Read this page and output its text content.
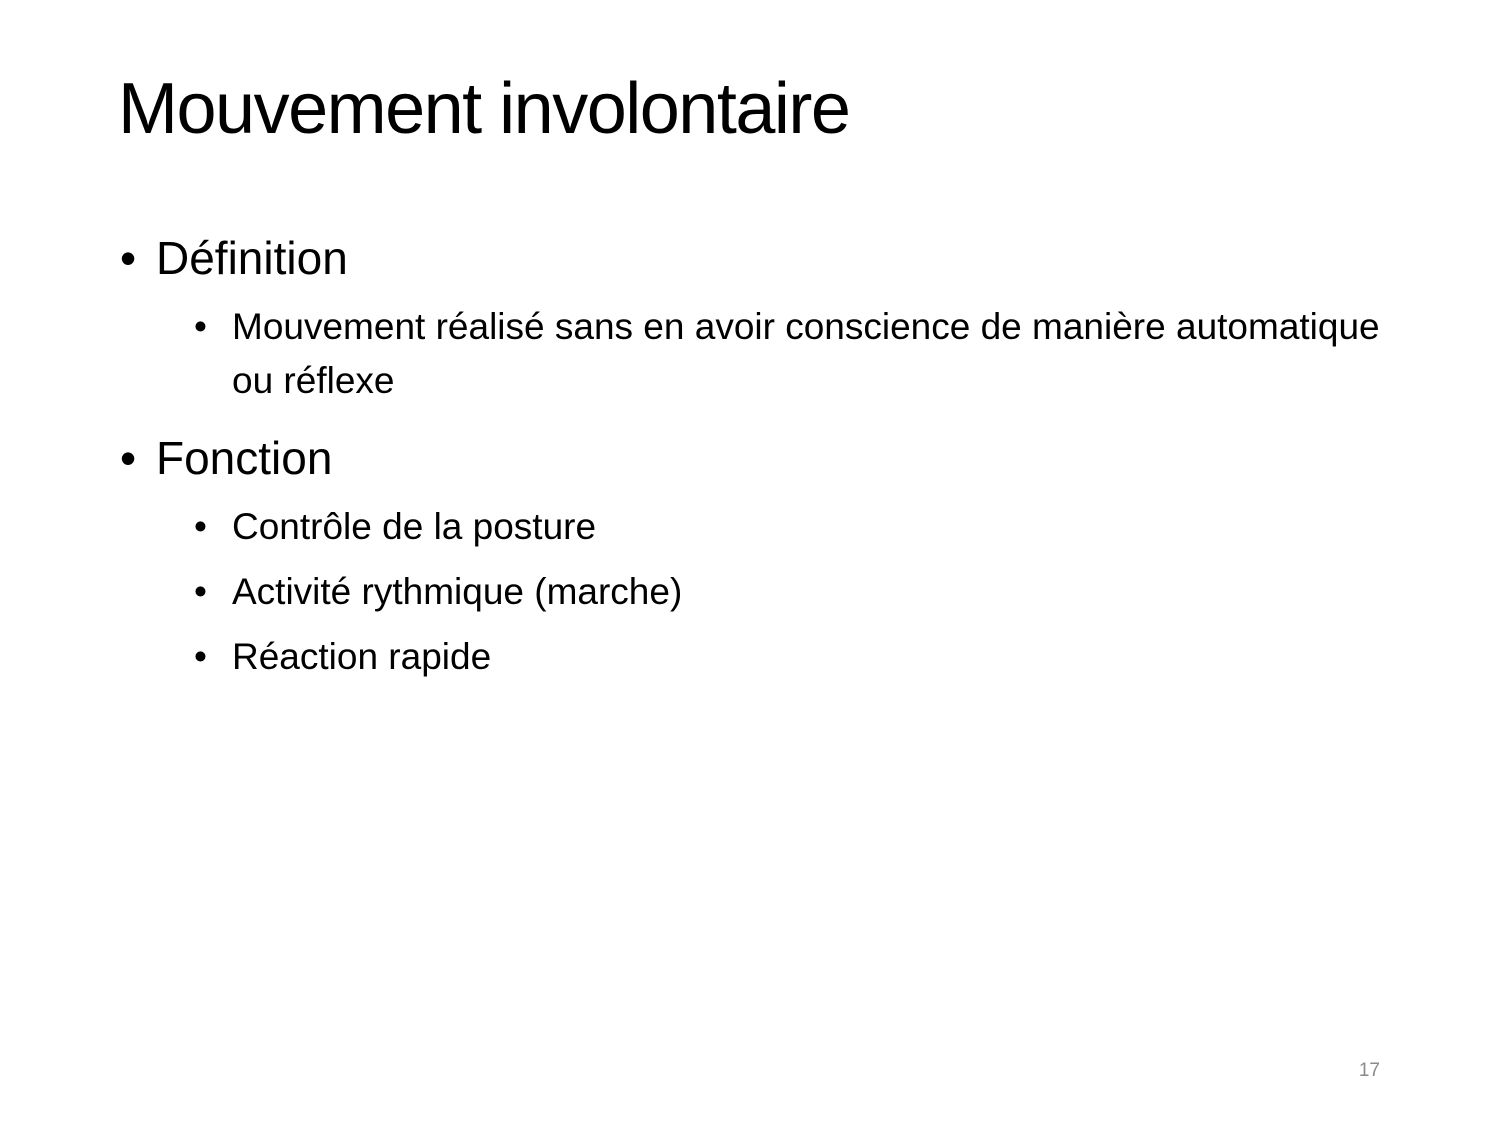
Mouvement involontaire
• Définition
• Mouvement réalisé sans en avoir conscience de manière automatique ou réflexe
• Fonction
• Contrôle de la posture
• Activité rythmique (marche)
• Réaction rapide
17
